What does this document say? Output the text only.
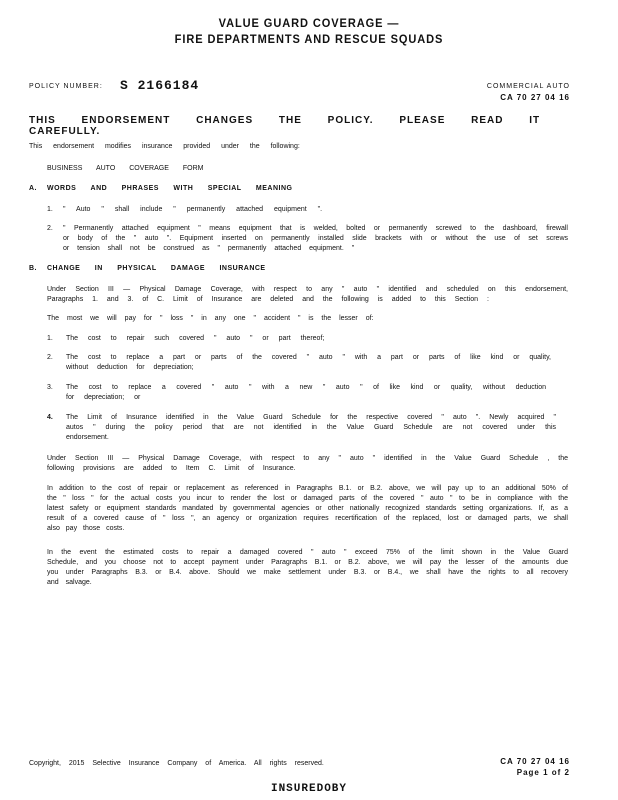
VALUE GUARD COVERAGE —
FIRE DEPARTMENTS AND RESCUE SQUADS
POLICY NUMBER: S 2166184	COMMERCIAL AUTO
CA 70 27 04 16
THIS ENDORSEMENT CHANGES THE POLICY. PLEASE READ IT CAREFULLY.
This endorsement modifies insurance provided under the following:
BUSINESS AUTO COVERAGE FORM
A. WORDS AND PHRASES WITH SPECIAL MEANING
1. " Auto " shall include " permanently attached equipment ".
2. " Permanently attached equipment " means equipment that is welded, bolted or permanently screwed to the dashboard, firewall or body of the " auto ". Equipment inserted on permanently installed slide brackets with or without the use of set screws or tension shall not be construed as " permanently attached equipment. "
B. CHANGE IN PHYSICAL DAMAGE INSURANCE
Under Section III — Physical Damage Coverage, with respect to any " auto " identified and scheduled on this endorsement, Paragraphs 1. and 3. of C. Limit of Insurance are deleted and the following is added to this Section :
The most we will pay for " loss " in any one " accident " is the lesser of:
1. The cost to repair such covered " auto " or part thereof;
2. The cost to replace a part or parts of the covered " auto " with a part or parts of like kind or quality, without deduction for depreciation;
3. The cost to replace a covered " auto " with a new " auto " of like kind or quality, without deduction for depreciation; or
4. The Limit of Insurance identified in the Value Guard Schedule for the respective covered " auto ". Newly acquired " autos " during the policy period that are not identified in the Value Guard Schedule are not covered under this endorsement.
Under Section III — Physical Damage Coverage, with respect to any " auto " identified in the Value Guard Schedule , the following provisions are added to Item C. Limit of Insurance.
In addition to the cost of repair or replacement as referenced in Paragraphs B.1. or B.2. above, we will pay up to an additional 50% of the " loss " for the actual costs you incur to render the lost or damaged parts of the covered " auto " to be in compliance with the latest safety or equipment standards mandated by governmental agencies or other nationally recognized standards setting organizations. If, as a result of a covered cause of " loss ", an agency or organization requires recertification of the replaced, lost or damaged parts, we shall also pay those costs.
In the event the estimated costs to repair a damaged covered " auto " exceed 75% of the limit shown in the Value Guard Schedule, and you choose not to accept payment under Paragraphs B.1. or B.2. above, we will pay the lesser of the amounts due you under Paragraphs B.3. or B.4. above. Should we make settlement under B.3. or B.4., we shall have the rights to all recovery and salvage.
Copyright, 2015 Selective Insurance Company of America. All rights reserved.	CA 70 27 04 16
Page 1 of 2
INSUREDOBY
